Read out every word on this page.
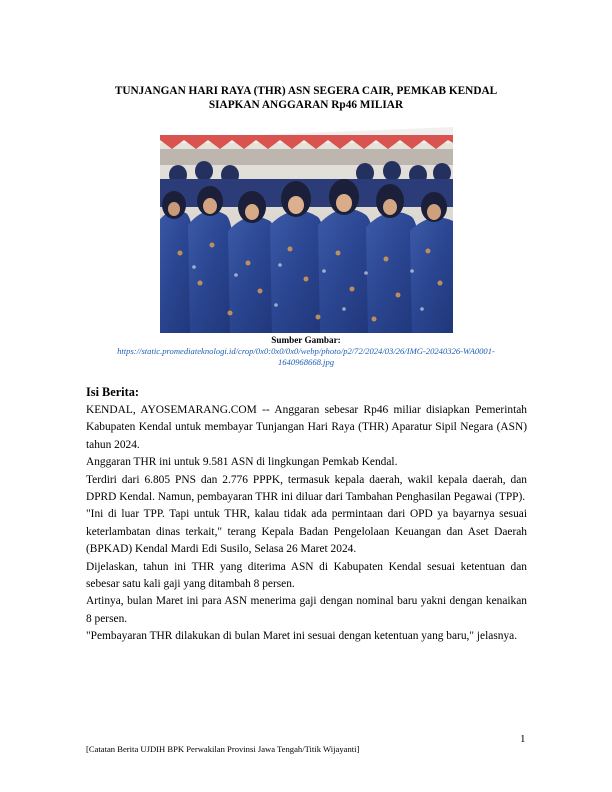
TUNJANGAN HARI RAYA (THR) ASN SEGERA CAIR, PEMKAB KENDAL
SIAPKAN ANGGARAN Rp46 MILIAR
Sumber Gambar:
https://static.promediateknologi.id/crop/0x0:0x0/0x0/webp/photo/p2/72/2024/03/26/IMG-20240326-WA0001-
1640968668.jpg
Isi Berita:

KENDAL, AYOSEMARANG.COM -- Anggaran sebesar Rp46 miliar disiapkan Pemerintah Kabupaten Kendal untuk membayar Tunjangan Hari Raya (THR) Aparatur Sipil Negara (ASN) tahun 2024.

Anggaran THR ini untuk 9.581 ASN di lingkungan Pemkab Kendal.

Terdiri dari 6.805 PNS dan 2.776 PPPK, termasuk kepala daerah, wakil kepala daerah, dan DPRD Kendal. Namun, pembayaran THR ini diluar dari Tambahan Penghasilan Pegawai (TPP).

"Ini di luar TPP. Tapi untuk THR, kalau tidak ada permintaan dari OPD ya bayarnya sesuai keterlambatan dinas terkait," terang Kepala Badan Pengelolaan Keuangan dan Aset Daerah (BPKAD) Kendal Mardi Edi Susilo, Selasa 26 Maret 2024.

Dijelaskan, tahun ini THR yang diterima ASN di Kabupaten Kendal sesuai ketentuan dan sebesar satu kali gaji yang ditambah 8 persen.

Artinya, bulan Maret ini para ASN menerima gaji dengan nominal baru yakni dengan kenaikan 8 persen.

"Pembayaran THR dilakukan di bulan Maret ini sesuai dengan ketentuan yang baru," jelasnya.

1
[Catatan Berita UJDIH BPK Perwakilan Provinsi Jawa Tengah/Titik Wijayanti]
